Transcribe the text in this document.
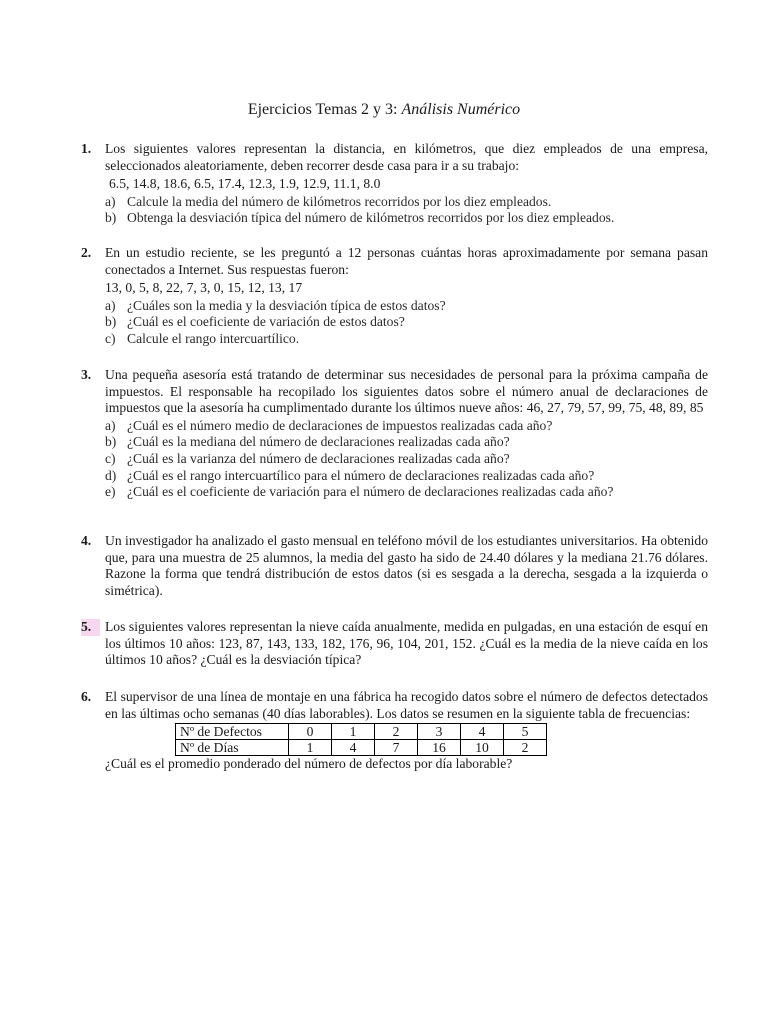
Ejercicios Temas 2 y 3: Análisis Numérico
1.	Los siguientes valores representan la distancia, en kilómetros, que diez empleados de una empresa, seleccionados aleatoriamente, deben recorrer desde casa para ir a su trabajo:

6.5, 14.8, 18.6, 6.5, 17.4, 12.3, 1.9, 12.9, 11.1, 8.0
a) Calcule la media del número de kilómetros recorridos por los diez empleados.
b) Obtenga la desviación típica del número de kilómetros recorridos por los diez empleados.
2.	En un estudio reciente, se les preguntó a 12 personas cuántas horas aproximadamente por semana pasan conectados a Internet. Sus respuestas fueron:

13, 0, 5, 8, 22, 7, 3, 0, 15, 12, 13, 17
a) ¿Cuáles son la media y la desviación típica de estos datos?
b) ¿Cuál es el coeficiente de variación de estos datos?
c) Calcule el rango intercuartílico.
3.	Una pequeña asesoría está tratando de determinar sus necesidades de personal para la próxima campaña de impuestos. El responsable ha recopilado los siguientes datos sobre el número anual de declaraciones de impuestos que la asesoría ha cumplimentado durante los últimos nueve años: 46, 27, 79, 57, 99, 75, 48, 89, 85

a) ¿Cuál es el número medio de declaraciones de impuestos realizadas cada año?
b) ¿Cuál es la mediana del número de declaraciones realizadas cada año?
c) ¿Cuál es la varianza del número de declaraciones realizadas cada año?
d) ¿Cuál es el rango intercuartílico para el número de declaraciones realizadas cada año?
e) ¿Cuál es el coeficiente de variación para el número de declaraciones realizadas cada año?
4.	Un investigador ha analizado el gasto mensual en teléfono móvil de los estudiantes universitarios. Ha obtenido que, para una muestra de 25 alumnos, la media del gasto ha sido de 24.40 dólares y la mediana 21.76 dólares. Razone la forma que tendrá distribución de estos datos (si es sesgada a la derecha, sesgada a la izquierda o simétrica).

5.	Los siguientes valores representan la nieve caída anualmente, medida en pulgadas, en una estación de esquí en los últimos 10 años: 123, 87, 143, 133, 182, 176, 96, 104, 201, 152. ¿Cuál es la media de la nieve caída en los últimos 10 años? ¿Cuál es la desviación típica?

6.	El supervisor de una línea de montaje en una fábrica ha recogido datos sobre el número de defectos detectados en las últimas ocho semanas (40 días laborables). Los datos se resumen en la siguiente tabla de frecuencias:

Nº de Defectos	0	1	2	3	4	5
Nº de Días	1	4	7	16	10	2

¿Cuál es el promedio ponderado del número de defectos por día laborable?
